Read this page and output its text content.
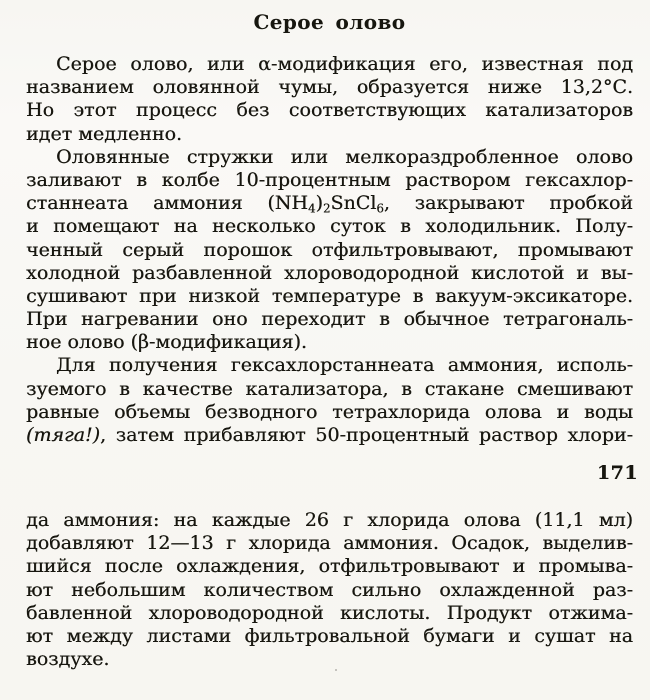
Серое олово
Серое олово, или α-модификация его, известная под
названием оловянной чумы, образуется ниже 13,2°С.
Но этот процесс без соответствующих катализаторов
идет медленно.
Оловянные стружки или мелкораздробленное олово
заливают в колбе 10-процентным раствором гексахлор-
станнеата аммония $(NH_4)_2SnCl_6$, закрывают пробкой
и помещают на несколько суток в холодильник. Полу-
ченный серый порошок отфильтровывают, промывают
холодной разбавленной хлороводородной кислотой и вы-
сушивают при низкой температуре в вакуум-эксикаторе.
При нагревании оно переходит в обычное тетрагональ-
ное олово (β-модификация).
Для получения гексахлорстаннеата аммония, исполь-
зуемого в качестве катализатора, в стакане смешивают
равные объемы безводного тетрахлорида олова и воды
(тяга!), затем прибавляют 50-процентный раствор хлори-
171
да аммония: на каждые 26 г хлорида олова (11,1 мл)
добавляют 12—13 г хлорида аммония. Осадок, выделив-
шийся после охлаждения, отфильтровывают и промыва-
ют небольшим количеством сильно охлажденной раз-
бавленной хлороводородной кислоты. Продукт отжима-
ют между листами фильтровальной бумаги и сушат на
воздухе.
